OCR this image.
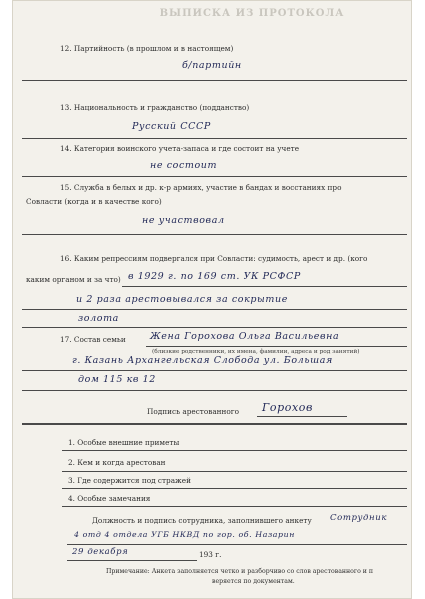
ВЫПИСКА ИЗ ПРОТОКОЛА
12. Партийность (в прошлом и в настоящем)
б/партийн
13. Национальность и гражданство (подданство)
Русский СССР
14. Категория воинского учета-запаса и где состоит на учете
не состоит
15. Служба в белых и др. к-р армиях, участие в бандах и восстаниях про
Совласти (когда и в качестве кого)
не участвовал
16. Каким репрессиям подвергался при Совласти: судимость, арест и др. (кого
каким органом и за что) в 1929 г. по 169 ст. УК РСФСР
и 2 раза арестовывался за сокрытие
золота
17. Состав семьи	Жена Горохова Ольга Васильевна
(близкие родственники, их имена, фамилии, адреса и род занятий)
г. Казань Архангельская Слобода ул. Большая
дом 115 кв 12
Подпись арестованного Горохов
1. Особые внешние приметы
2. Кем и когда арестован
3. Где содержится под стражей
4. Особые замечания
Должность и подпись сотрудника, заполнившего анкету Сотрудник
4 отд 4 отдела УГБ НКВД по гор. об. Назарин
29 декабря	193 г.
Примечание: Анкета заполняется четко и разборчиво со слов арестованного и п
веряется по документам.
